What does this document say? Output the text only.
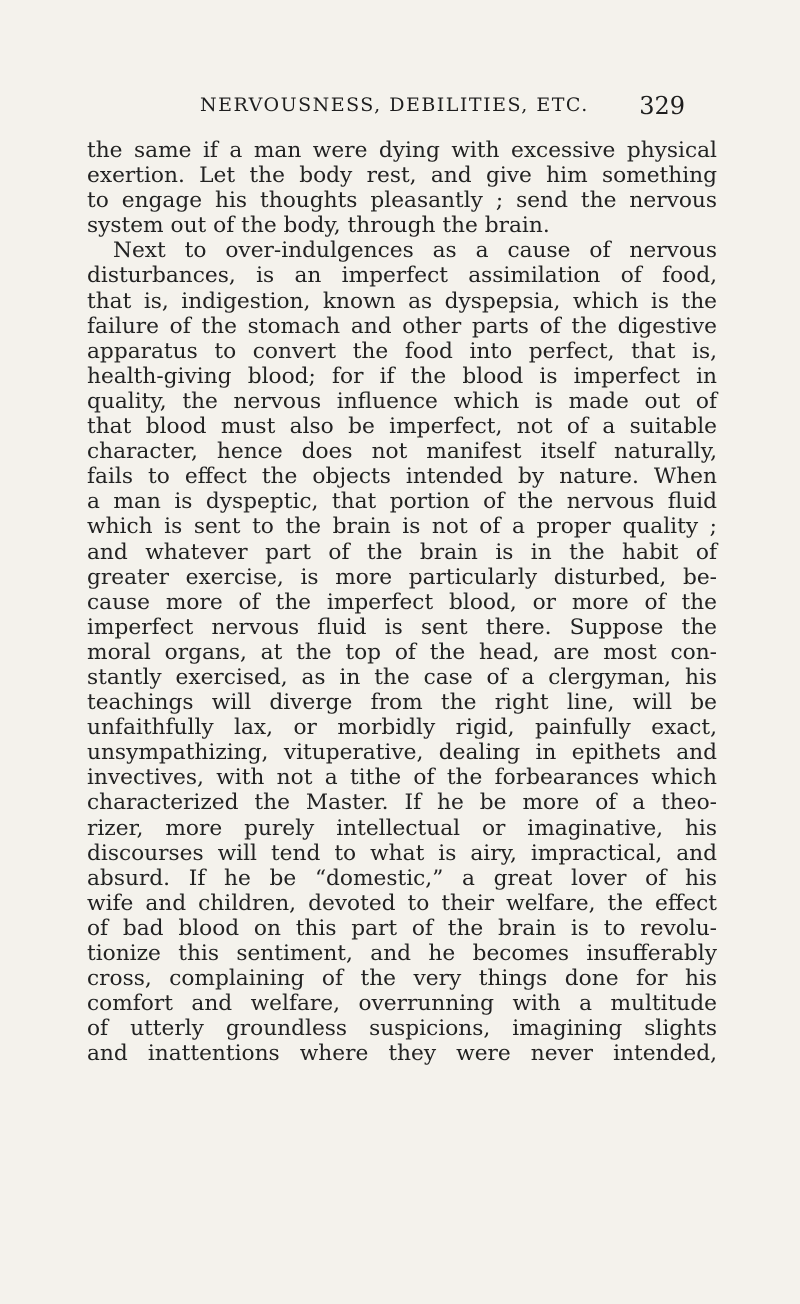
NERVOUSNESS, DEBILITIES, ETC. 329
the same if a man were dying with excessive physical
exertion. Let the body rest, and give him something
to engage his thoughts pleasantly ; send the nervous
system out of the body, through the brain.
Next to over-indulgences as a cause of nervous
disturbances, is an imperfect assimilation of food,
that is, indigestion, known as dyspepsia, which is the
failure of the stomach and other parts of the digestive
apparatus to convert the food into perfect, that is,
health-giving blood; for if the blood is imperfect in
quality, the nervous influence which is made out of
that blood must also be imperfect, not of a suitable
character, hence does not manifest itself naturally,
fails to effect the objects intended by nature. When
a man is dyspeptic, that portion of the nervous fluid
which is sent to the brain is not of a proper quality ;
and whatever part of the brain is in the habit of
greater exercise, is more particularly disturbed, be-
cause more of the imperfect blood, or more of the
imperfect nervous fluid is sent there. Suppose the
moral organs, at the top of the head, are most con-
stantly exercised, as in the case of a clergyman, his
teachings will diverge from the right line, will be
unfaithfully lax, or morbidly rigid, painfully exact,
unsympathizing, vituperative, dealing in epithets and
invectives, with not a tithe of the forbearances which
characterized the Master. If he be more of a theo-
rizer, more purely intellectual or imaginative, his
discourses will tend to what is airy, impractical, and
absurd. If he be “domestic,” a great lover of his
wife and children, devoted to their welfare, the effect
of bad blood on this part of the brain is to revolu-
tionize this sentiment, and he becomes insufferably
cross, complaining of the very things done for his
comfort and welfare, overrunning with a multitude
of utterly groundless suspicions, imagining slights
and inattentions where they were never intended,
